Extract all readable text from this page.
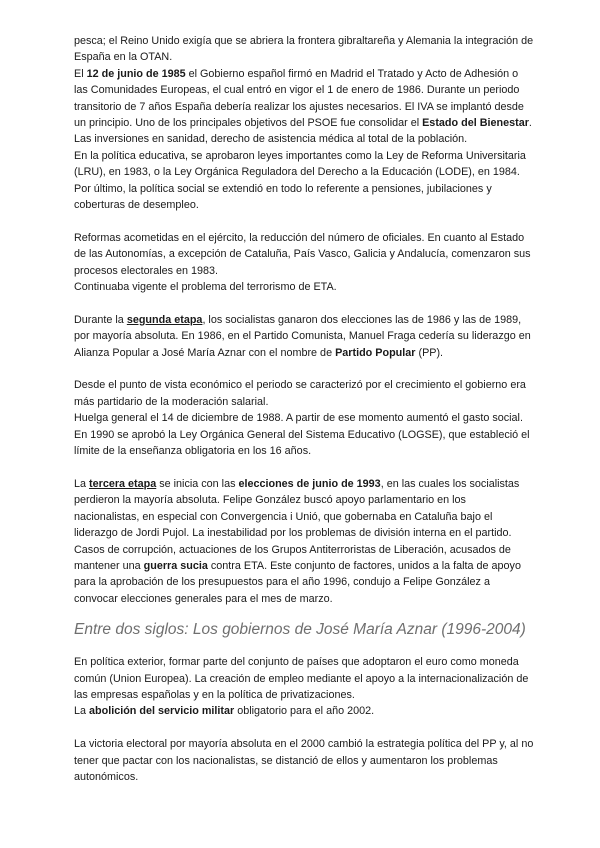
pesca; el Reino Unido exigía que se abriera la frontera gibraltareña y Alemania la integración de España en la OTAN.

El 12 de junio de 1985 el Gobierno español firmó en Madrid el Tratado y Acto de Adhesión o las Comunidades Europeas, el cual entró en vigor el 1 de enero de 1986. Durante un periodo transitorio de 7 años España debería realizar los ajustes necesarios. El IVA se implantó desde un principio. Uno de los principales objetivos del PSOE fue consolidar el Estado del Bienestar.

Las inversiones en sanidad, derecho de asistencia médica al total de la población.

En la política educativa, se aprobaron leyes importantes como la Ley de Reforma Universitaria (LRU), en 1983, o la Ley Orgánica Reguladora del Derecho a la Educación (LODE), en 1984.

Por último, la política social se extendió en todo lo referente a pensiones, jubilaciones y coberturas de desempleo.

Reformas acometidas en el ejército, la reducción del número de oficiales. En cuanto al Estado de las Autonomías, a excepción de Cataluña, País Vasco, Galicia y Andalucía, comenzaron sus procesos electorales en 1983.

Continuaba vigente el problema del terrorismo de ETA.

Durante la segunda etapa, los socialistas ganaron dos elecciones las de 1986 y las de 1989, por mayoría absoluta. En 1986, en el Partido Comunista, Manuel Fraga cedería su liderazgo en Alianza Popular a José María Aznar con el nombre de Partido Popular (PP).

Desde el punto de vista económico el periodo se caracterizó por el crecimiento el gobierno era más partidario de la moderación salarial.

Huelga general el 14 de diciembre de 1988. A partir de ese momento aumentó el gasto social. En 1990 se aprobó la Ley Orgánica General del Sistema Educativo (LOGSE), que estableció el límite de la enseñanza obligatoria en los 16 años.

La tercera etapa se inicia con las elecciones de junio de 1993, en las cuales los socialistas perdieron la mayoría absoluta. Felipe González buscó apoyo parlamentario en los nacionalistas, en especial con Convergencia i Unió, que gobernaba en Cataluña bajo el liderazgo de Jordi Pujol. La inestabilidad por los problemas de división interna en el partido. Casos de corrupción, actuaciones de los Grupos Antiterroristas de Liberación, acusados de mantener una guerra sucia contra ETA. Este conjunto de factores, unidos a la falta de apoyo para la aprobación de los presupuestos para el año 1996, condujo a Felipe González a convocar elecciones generales para el mes de marzo.

Entre dos siglos: Los gobiernos de José María Aznar (1996-2004)

En política exterior, formar parte del conjunto de países que adoptaron el euro como moneda común (Union Europea). La creación de empleo mediante el apoyo a la internacionalización de las empresas españolas y en la política de privatizaciones.

La abolición del servicio militar obligatorio para el año 2002.

La victoria electoral por mayoría absoluta en el 2000 cambió la estrategia política del PP y, al no tener que pactar con los nacionalistas, se distanció de ellos y aumentaron los problemas autonómicos.
